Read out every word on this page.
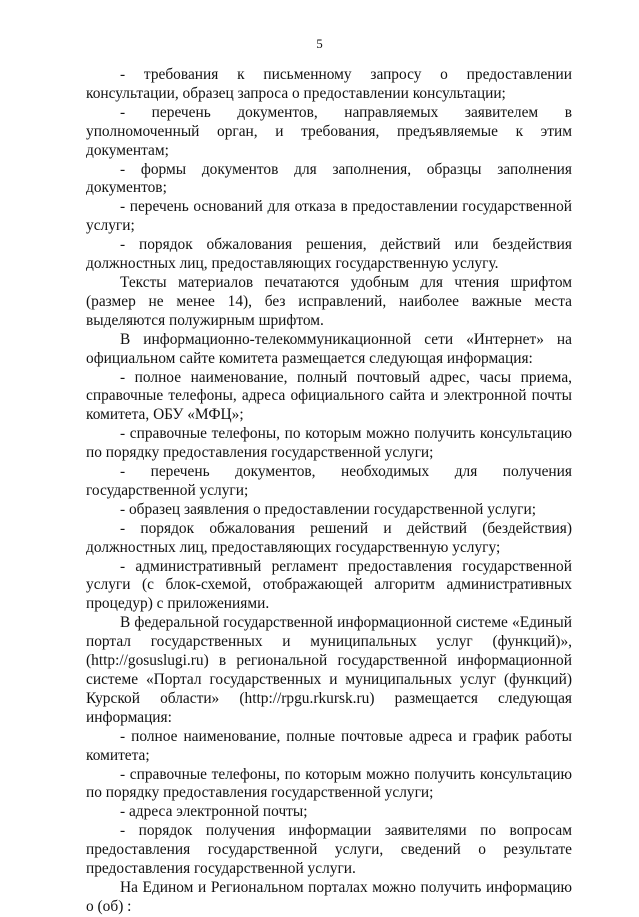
5

- требования к письменному запросу о предоставлении консультации, образец запроса о предоставлении консультации;

- перечень документов, направляемых заявителем в уполномоченный орган, и требования, предъявляемые к этим документам;

- формы документов для заполнения, образцы заполнения документов;

- перечень оснований для отказа в предоставлении государственной услуги;

- порядок обжалования решения, действий или бездействия должностных лиц, предоставляющих государственную услугу.

Тексты материалов печатаются удобным для чтения шрифтом (размер не менее 14), без исправлений, наиболее важные места выделяются полужирным шрифтом.

В информационно-телекоммуникационной сети «Интернет» на официальном сайте комитета размещается следующая информация:

- полное наименование, полный почтовый адрес, часы приема, справочные телефоны, адреса официального сайта и электронной почты комитета, ОБУ «МФЦ»;

- справочные телефоны, по которым можно получить консультацию по порядку предоставления государственной услуги;

- перечень документов, необходимых для получения государственной услуги;

- образец заявления о предоставлении государственной услуги;

- порядок обжалования решений и действий (бездействия) должностных лиц, предоставляющих государственную услугу;

- административный регламент предоставления государственной услуги (с блок-схемой, отображающей алгоритм административных процедур) с приложениями.

В федеральной государственной информационной системе «Единый портал государственных и муниципальных услуг (функций)», (http://gosuslugi.ru) в региональной государственной информационной системе «Портал государственных и муниципальных услуг (функций) Курской области» (http://rpgu.rkursk.ru) размещается следующая информация:

- полное наименование, полные почтовые адреса и график работы комитета;

- справочные телефоны, по которым можно получить консультацию по порядку предоставления государственной услуги;

- адреса электронной почты;

- порядок получения информации заявителями по вопросам предоставления государственной услуги, сведений о результате предоставления государственной услуги.

На Едином и Региональном порталах можно получить информацию о (об) :
